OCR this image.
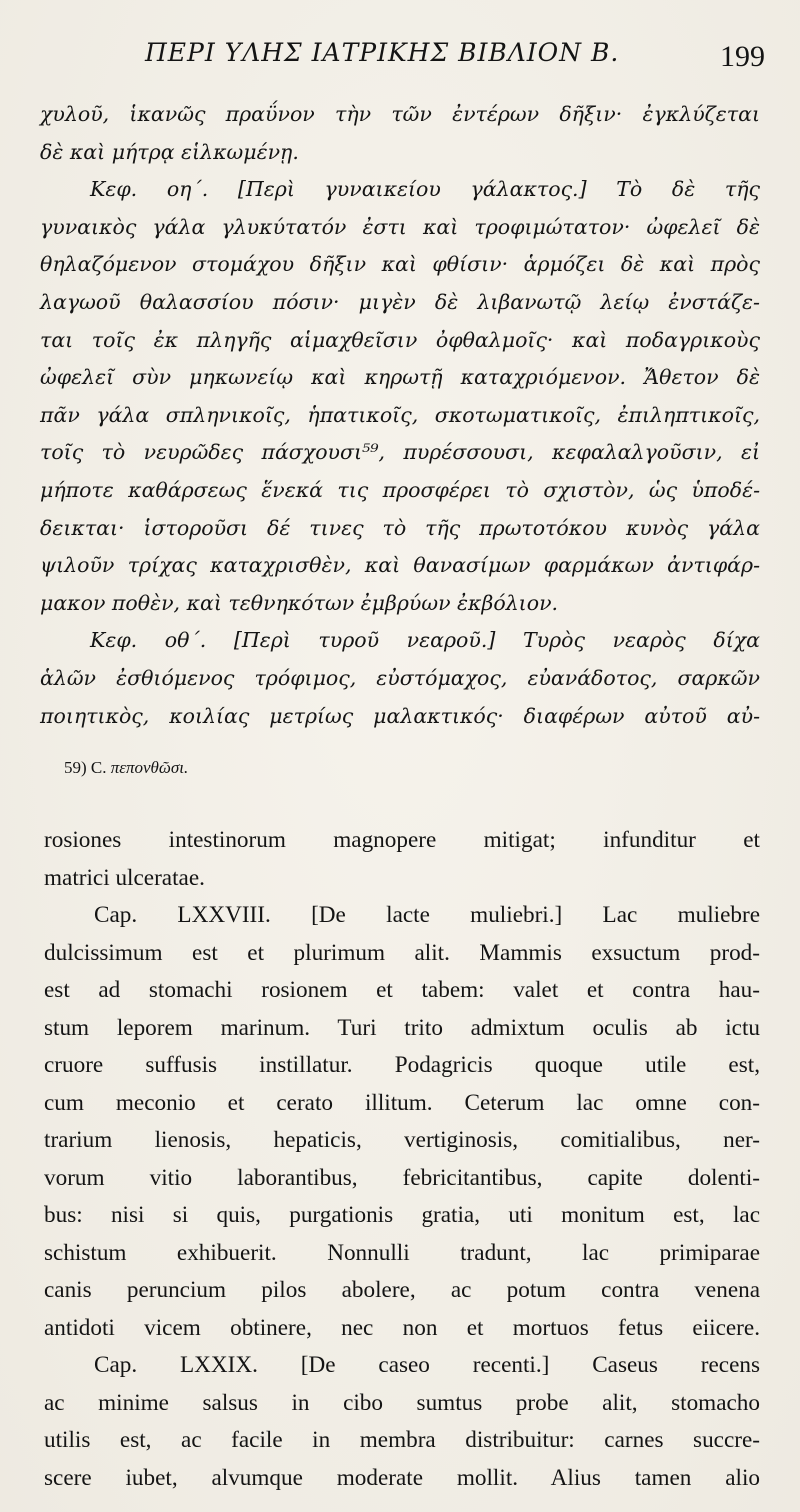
ΠΕΡΙ ΥΛΗΣ ΙΑΤΡΙΚΗΣ ΒΙΒΛΙΟΝ Β.	199
χυλοῦ, ἱκανῶς πραΰνον τὴν τῶν ἐντέρων δῆξιν· ἐγκλύζεται
δὲ καὶ μήτρᾳ εἱλκωμένῃ.
Κεφ. οη΄. [Περὶ γυναικείου γάλακτος.] Τὸ δὲ τῆς
γυναικὸς γάλα γλυκύτατόν ἐστι καὶ τροφιμώτατον· ὠφελεῖ δὲ
θηλαζόμενον στομάχου δῆξιν καὶ φθίσιν· ἁρμόζει δὲ καὶ πρὸς
λαγωοῦ θαλασσίου πόσιν· μιγὲν δὲ λιβανωτῷ λείῳ ἐνστάζε-
ται τοῖς ἐκ πληγῆς αἱμαχθεῖσιν ὀφθαλμοῖς· καὶ ποδαγρικοὺς
ὠφελεῖ σὺν μηκωνείῳ καὶ κηρωτῇ καταχριόμενον. Ἄθετον δὲ
πᾶν γάλα σπληνικοῖς, ἡπατικοῖς, σκοτωματικοῖς, ἐπιληπτικοῖς,
τοῖς τὸ νευρῶδες πάσχουσι⁵⁹, πυρέσσουσι, κεφαλαλγοῦσιν, εἰ
μήποτε καθάρσεως ἕνεκά τις προσφέρει τὸ σχιστὸν, ὡς ὑποδέ-
δεικται· ἱστοροῦσι δέ τινες τὸ τῆς πρωτοτόκου κυνὸς γάλα
ψιλοῦν τρίχας καταχρισθὲν, καὶ θανασίμων φαρμάκων ἀντιφάρ-
μακον ποθὲν, καὶ τεθνηκότων ἐμβρύων ἐκβόλιον.
Κεφ. οθ΄. [Περὶ τυροῦ νεαροῦ.] Τυρὸς νεαρὸς δίχα
ἁλῶν ἐσθιόμενος τρόφιμος, εὐστόμαχος, εὐανάδοτος, σαρκῶν
ποιητικὸς, κοιλίας μετρίως μαλακτικός· διαφέρων αὐτοῦ αὐ-
59) C. πεπονθῶσι.
rosiones intestinorum magnopere mitigat; infunditur et
matrici ulceratae.
Cap. LXXVIII. [De lacte muliebri.] Lac muliebre
dulcissimum est et plurimum alit. Mammis exsuctum prod-
est ad stomachi rosionem et tabem: valet et contra hau-
stum leporem marinum. Turi trito admixtum oculis ab ictu
cruore suffusis instillatur. Podagricis quoque utile est,
cum meconio et cerato illitum. Ceterum lac omne con-
trarium lienosis, hepaticis, vertiginosis, comitialibus, ner-
vorum vitio laborantibus, febricitantibus, capite dolenti-
bus: nisi si quis, purgationis gratia, uti monitum est, lac
schistum exhibuerit. Nonnulli tradunt, lac primiparae
canis peruncium pilos abolere, ac potum contra venena
antidoti vicem obtinere, nec non et mortuos fetus eiicere.
Cap. LXXIX. [De caseo recenti.] Caseus recens
ac minime salsus in cibo sumtus probe alit, stomacho
utilis est, ac facile in membra distribuitur: carnes succre-
scere iubet, alvumque moderate mollit. Alius tamen alio
